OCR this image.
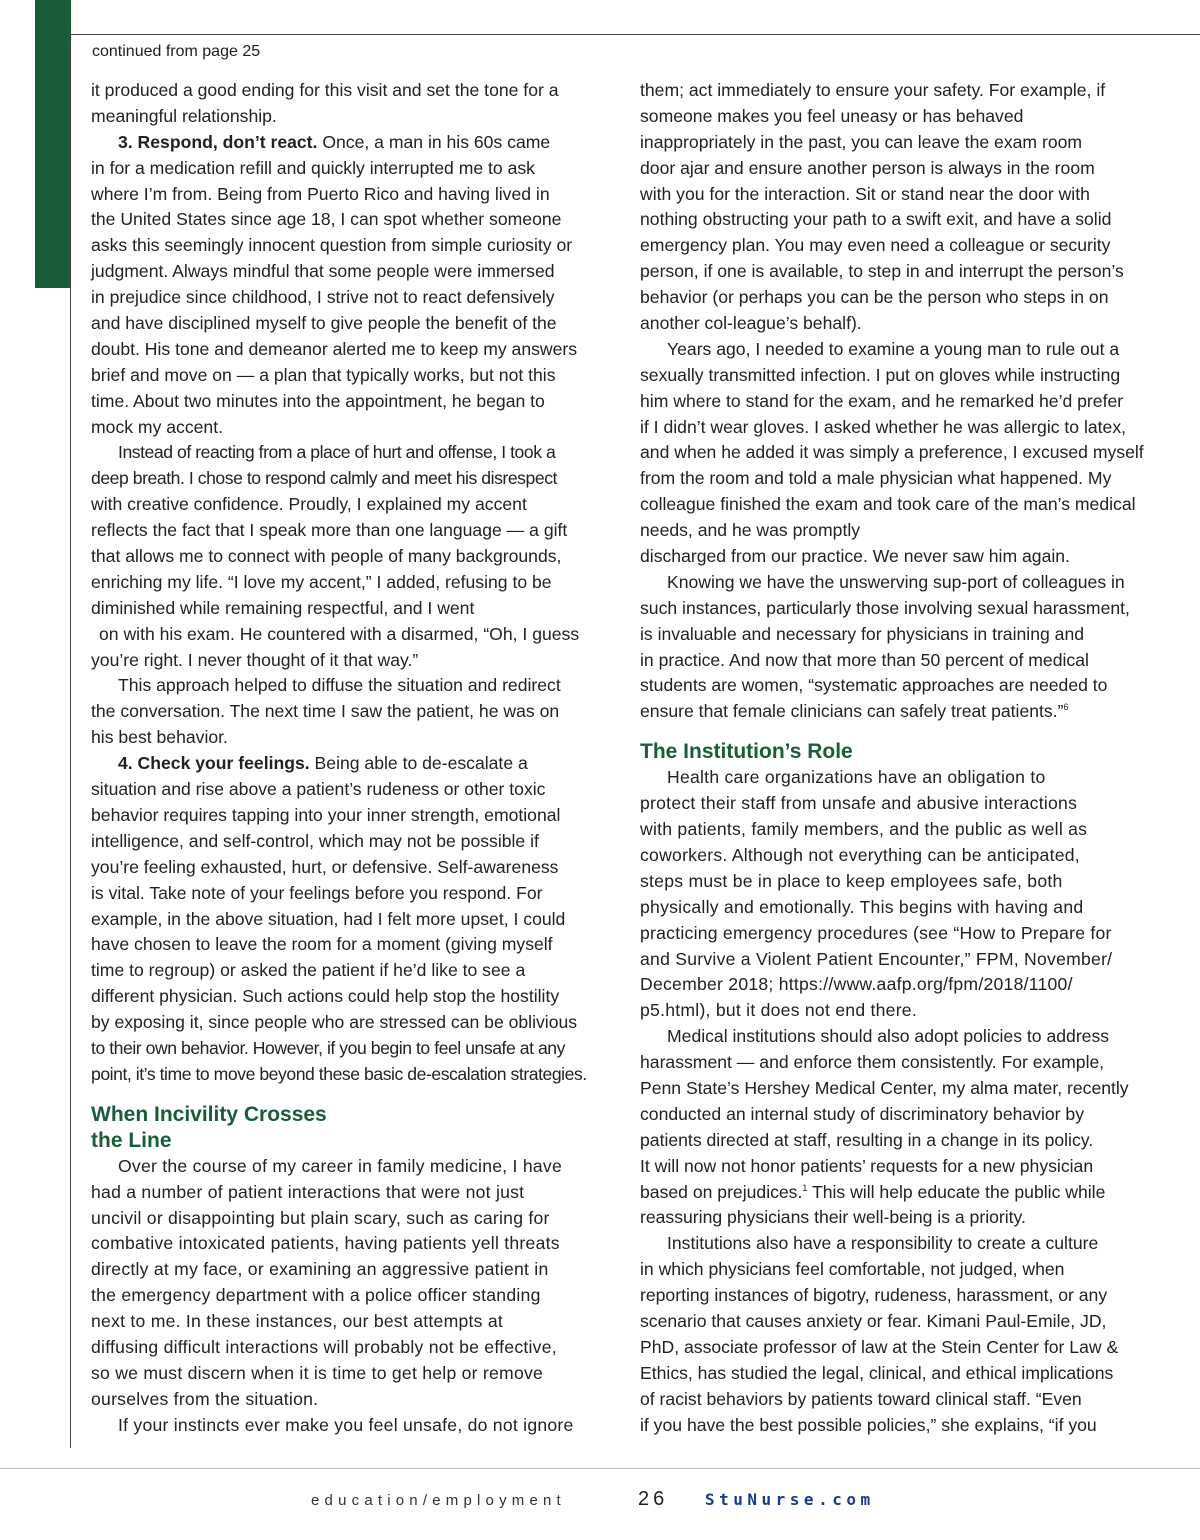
continued from page 25
it produced a good ending for this visit and set the tone for a
meaningful relationship.
3. Respond, don’t react. Once, a man in his 60s came
in for a medication refill and quickly interrupted me to ask
where I’m from. Being from Puerto Rico and having lived in
the United States since age 18, I can spot whether someone
asks this seemingly innocent question from simple curiosity or
judgment. Always mindful that some people were immersed
in prejudice since childhood, I strive not to react defensively
and have disciplined myself to give people the benefit of the
doubt. His tone and demeanor alerted me to keep my answers
brief and move on — a plan that typically works, but not this
time. About two minutes into the appointment, he began to
mock my accent.
Instead of reacting from a place of hurt and offense, I took a
deep breath. I chose to respond calmly and meet his disrespect
with creative confidence. Proudly, I explained my accent
reflects the fact that I speak more than one language — a gift
that allows me to connect with people of many backgrounds,
enriching my life. “I love my accent,” I added, refusing to be
diminished while remaining respectful, and I went
on with his exam. He countered with a disarmed, “Oh, I guess
you’re right. I never thought of it that way.”
This approach helped to diffuse the situation and redirect
the conversation. The next time I saw the patient, he was on
his best behavior.
4. Check your feelings. Being able to de-escalate a
situation and rise above a patient’s rudeness or other toxic
behavior requires tapping into your inner strength, emotional
intelligence, and self-control, which may not be possible if
you’re feeling exhausted, hurt, or defensive. Self-awareness
is vital. Take note of your feelings before you respond. For
example, in the above situation, had I felt more upset, I could
have chosen to leave the room for a moment (giving myself
time to regroup) or asked the patient if he’d like to see a
different physician. Such actions could help stop the hostility
by exposing it, since people who are stressed can be oblivious
to their own behavior. However, if you begin to feel unsafe at any
point, it’s time to move beyond these basic de-escalation strategies.
When Incivility Crosses
the Line
Over the course of my career in family medicine, I have
had a number of patient interactions that were not just
uncivil or disappointing but plain scary, such as caring for
combative intoxicated patients, having patients yell threats
directly at my face, or examining an aggressive patient in
the emergency department with a police officer standing
next to me. In these instances, our best attempts at
diffusing difficult interactions will probably not be effective,
so we must discern when it is time to get help or remove
ourselves from the situation.
If your instincts ever make you feel unsafe, do not ignore
them; act immediately to ensure your safety. For example, if
someone makes you feel uneasy or has behaved
inappropriately in the past, you can leave the exam room
door ajar and ensure another person is always in the room
with you for the interaction. Sit or stand near the door with
nothing obstructing your path to a swift exit, and have a solid
emergency plan. You may even need a colleague or security
person, if one is available, to step in and interrupt the person’s
behavior (or perhaps you can be the person who steps in on
another col-league’s behalf).
Years ago, I needed to examine a young man to rule out a
sexually transmitted infection. I put on gloves while instructing
him where to stand for the exam, and he remarked he’d prefer
if I didn’t wear gloves. I asked whether he was allergic to latex,
and when he added it was simply a preference, I excused myself
from the room and told a male physician what happened. My
colleague finished the exam and took care of the man’s medical
needs, and he was promptly
discharged from our practice. We never saw him again.
Knowing we have the unswerving sup-port of colleagues in
such instances, particularly those involving sexual harassment,
is invaluable and necessary for physicians in training and
in practice. And now that more than 50 percent of medical
students are women, “systematic approaches are needed to
ensure that female clinicians can safely treat patients.”$^6$
The Institution’s Role
Health care organizations have an obligation to
protect their staff from unsafe and abusive interactions
with patients, family members, and the public as well as
coworkers. Although not everything can be anticipated,
steps must be in place to keep employees safe, both
physically and emotionally. This begins with having and
practicing emergency procedures (see “How to Prepare for
and Survive a Violent Patient Encounter,” FPM, November/
December 2018; https://www.aafp.org/fpm/2018/1100/
p5.html), but it does not end there.
Medical institutions should also adopt policies to address
harassment — and enforce them consistently. For example,
Penn State’s Hershey Medical Center, my alma mater, recently
conducted an internal study of discriminatory behavior by
patients directed at staff, resulting in a change in its policy.
It will now not honor patients’ requests for a new physician
based on prejudices.$^1$ This will help educate the public while
reassuring physicians their well-being is a priority.
Institutions also have a responsibility to create a culture
in which physicians feel comfortable, not judged, when
reporting instances of bigotry, rudeness, harassment, or any
scenario that causes anxiety or fear. Kimani Paul-Emile, JD,
PhD, associate professor of law at the Stein Center for Law &
Ethics, has studied the legal, clinical, and ethical implications
of racist behaviors by patients toward clinical staff. “Even
if you have the best possible policies,” she explains, “if you
education/employment	26 StuNurse.com
